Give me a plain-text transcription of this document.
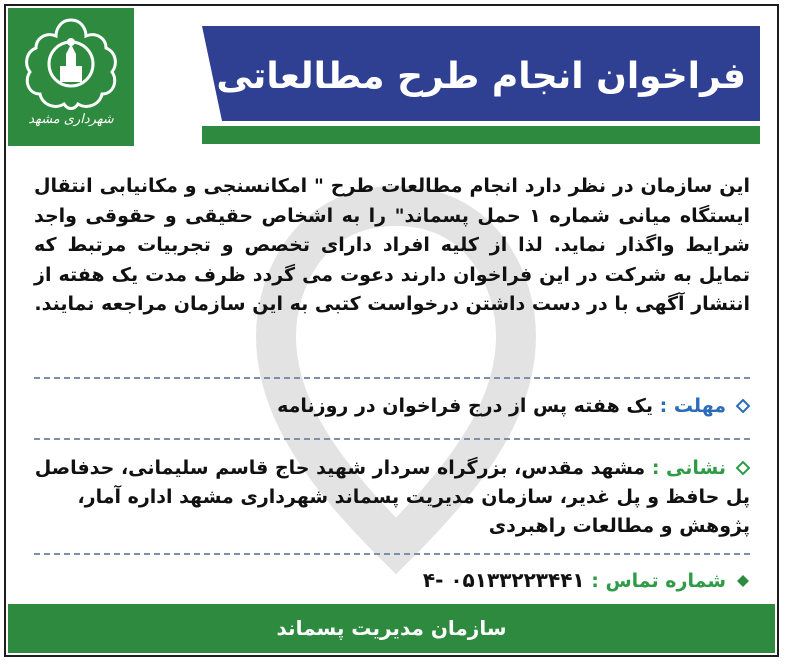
شهرداری مشهد
فراخوان انجام طرح مطالعاتی
این سازمان در نظر دارد انجام مطالعات طرح " امکانسنجی و مکانیابی انتقال ایستگاه میانی شماره ۱ حمل پسماند" را به اشخاص حقیقی و حقوقی واجد شرایط واگذار نماید. لذا از کلیه افراد دارای تخصص و تجربیات مرتبط که تمایل به شرکت در این فراخوان دارند دعوت می گردد ظرف مدت یک هفته از انتشار آگهی با در دست داشتن درخواست کتبی به این سازمان مراجعه نمایند.
مهلت : یک هفته پس از درج فراخوان در روزنامه
نشانی : مشهد مقدس، بزرگراه سردار شهید حاج قاسم سلیمانی، حدفاصل پل حافظ و پل غدیر، سازمان مدیریت پسماند شهرداری مشهد اداره آمار، پژوهش و مطالعات راهبردی
شماره تماس : ۰۵۱۳۳۲۲۳۴۴۱ -۴
سازمان مدیریت پسماند
